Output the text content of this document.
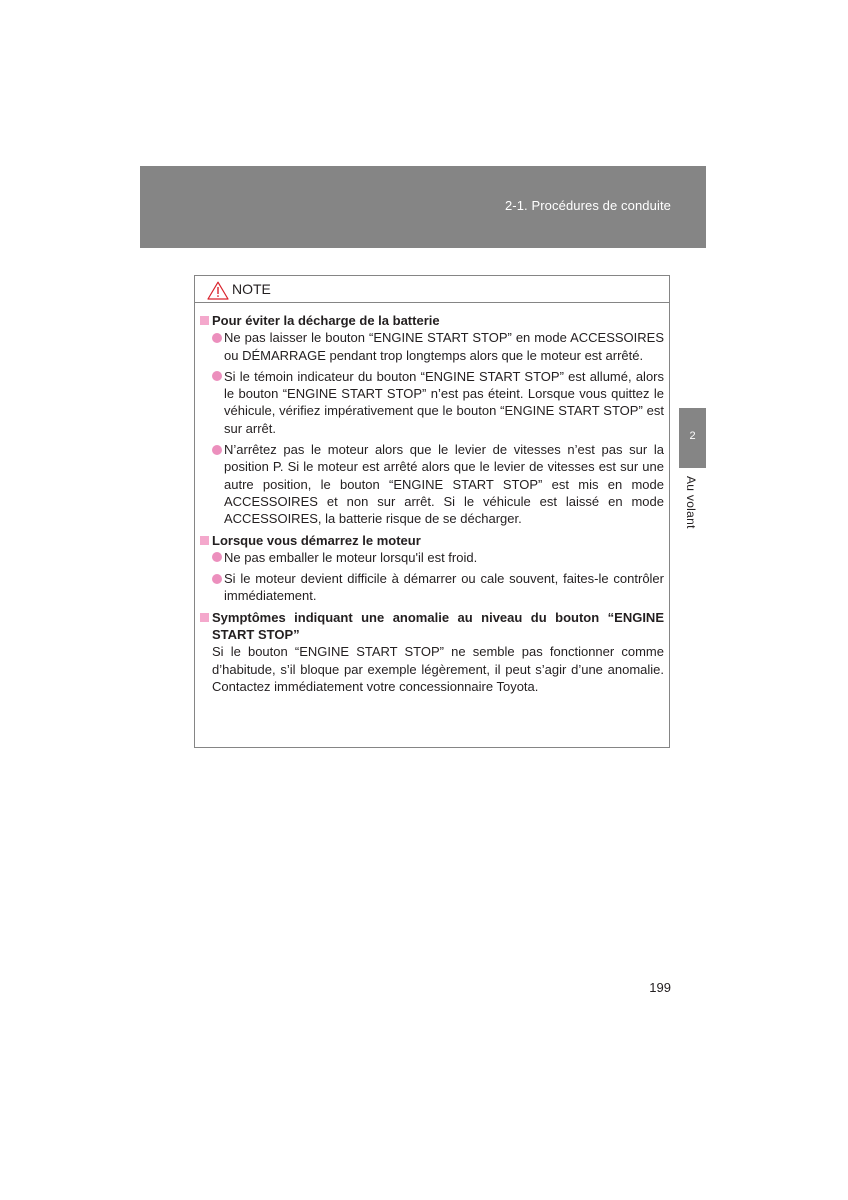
2-1. Procédures de conduite
2
Au volant
NOTE
Pour éviter la décharge de la batterie
Ne pas laisser le bouton “ENGINE START STOP” en mode ACCESSOIRES ou DÉMARRAGE pendant trop longtemps alors que le moteur est arrêté.
Si le témoin indicateur du bouton “ENGINE START STOP” est allumé, alors le bouton “ENGINE START STOP” n’est pas éteint. Lorsque vous quittez le véhicule, vérifiez impérativement que le bouton “ENGINE START STOP” est sur arrêt.
N’arrêtez pas le moteur alors que le levier de vitesses n’est pas sur la position P. Si le moteur est arrêté alors que le levier de vitesses est sur une autre position, le bouton “ENGINE START STOP” est mis en mode ACCESSOIRES et non sur arrêt. Si le véhicule est laissé en mode ACCESSOIRES, la batterie risque de se décharger.
Lorsque vous démarrez le moteur
Ne pas emballer le moteur lorsqu'il est froid.
Si le moteur devient difficile à démarrer ou cale souvent, faites-le contrôler immédiatement.
Symptômes indiquant une anomalie au niveau du bouton “ENGINE START STOP”
Si le bouton “ENGINE START STOP” ne semble pas fonctionner comme d’habitude, s’il bloque par exemple légèrement, il peut s’agir d’une anomalie. Contactez immédiatement votre concessionnaire Toyota.
199
